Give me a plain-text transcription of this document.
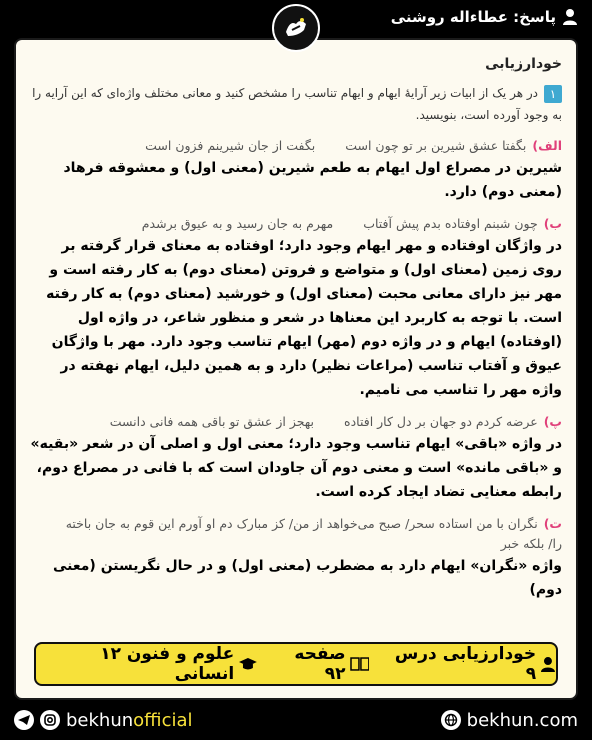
پاسخ: عطاءاله روشنی
خودارزیابی
۱در هر یک از ابیات زیر آرایهٔ ایهام و ایهام تناسب را مشخص کنید و معانی مختلف واژه‌ای که این آرایه را به وجود آورده است، بنویسید.
الف)بگفتا عشق شیرین بر تو چون است
بگفت از جان شیرینم فزون است
شیرین در مصراع اول ایهام به طعم شیرین (معنی اول) و معشوقه فرهاد (معنی دوم) دارد.
ب)چون شبنم اوفتاده بدم پیش آفتاب
مهرم به جان رسید و به عیوق برشدم
در واژگان اوفتاده و مهر ایهام وجود دارد؛ اوفتاده به معنای قرار گرفته بر روی زمین (معنای اول) و متواضع و فروتن (معنای دوم) به کار رفته است و مهر نیز دارای معانی محبت (معنای اول) و خورشید (معنای دوم) به کار رفته است. با توجه به کاربرد این معناها در شعر و منظور شاعر، در واژه اول (اوفتاده) ایهام و در واژه دوم (مهر) ایهام تناسب وجود دارد. مهر با واژگان عیوق و آفتاب تناسب (مراعات نظیر) دارد و به همین دلیل، ایهام نهفته در واژه مهر را تناسب می نامیم.
پ)عرضه کردم دو جهان بر دل کار افتاده
بهجز از عشق تو باقی همه فانی دانست
در واژه «باقی» ایهام تناسب وجود دارد؛ معنی اول و اصلی آن در شعر «بقیه» و «باقی مانده» است و معنی دوم آن جاودان است که با فانی در مصراع دوم، رابطه معنایی تضاد ایجاد کرده است.
ت)نگران با من استاده سحر/ صبح می‌خواهد از من/ کز مبارک دم او آورم این قوم به جان باخته را/ بلکه خبر
واژه «نگران» ایهام دارد به مضطرب (معنی اول) و در حال نگریستن (معنی دوم)
خودارزیابی درس ۹
صفحه ۹۲
علوم و فنون ۱۲ انسانی
bekhunofficial	bekhun.com
